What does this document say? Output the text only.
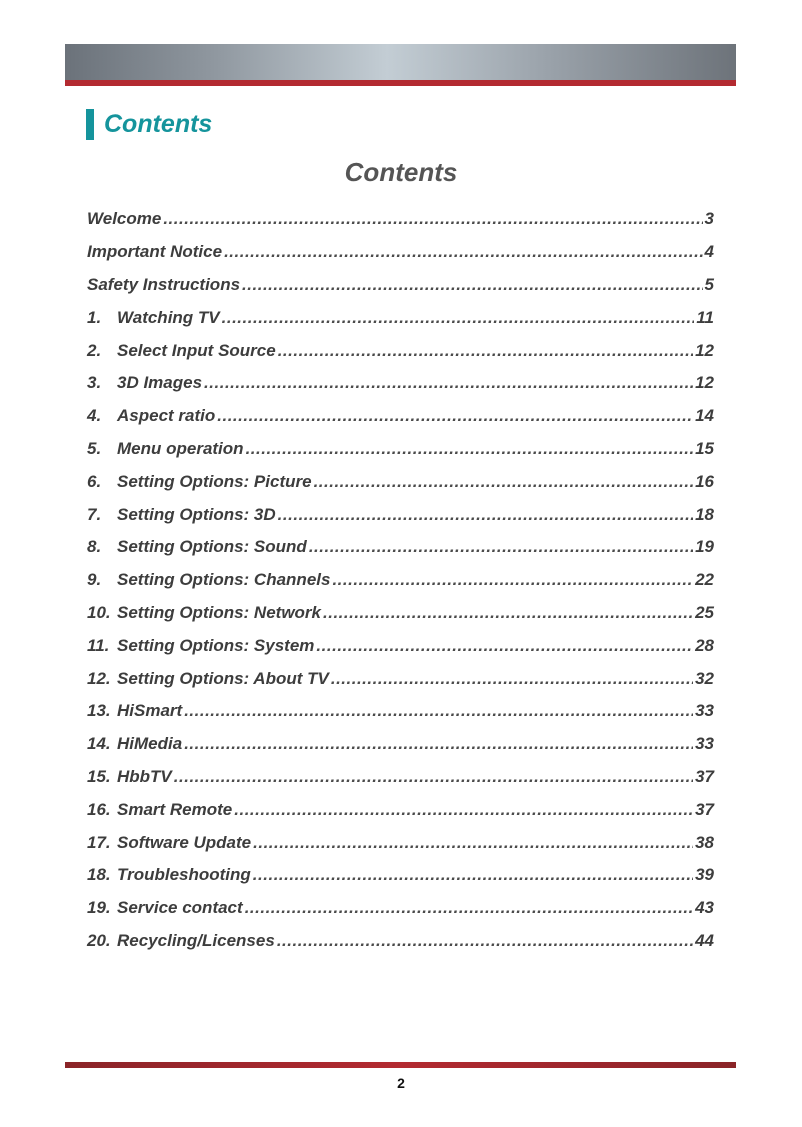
Contents
Contents
Welcome .....	3
Important Notice .....	4
Safety Instructions .....	5
1. Watching TV .....	11
2. Select Input Source .....	12
3. 3D Images .....	12
4. Aspect ratio .....	14
5. Menu operation .....	15
6. Setting Options: Picture .....	16
7. Setting Options: 3D .....	18
8. Setting Options: Sound .....	19
9. Setting Options: Channels .....	22
10. Setting Options: Network .....	25
11. Setting Options: System .....	28
12. Setting Options: About TV .....	32
13. HiSmart .....	33
14. HiMedia .....	33
15. HbbTV .....	37
16. Smart Remote .....	37
17. Software Update .....	38
18. Troubleshooting .....	39
19. Service contact .....	43
20. Recycling/Licenses .....	44
2
